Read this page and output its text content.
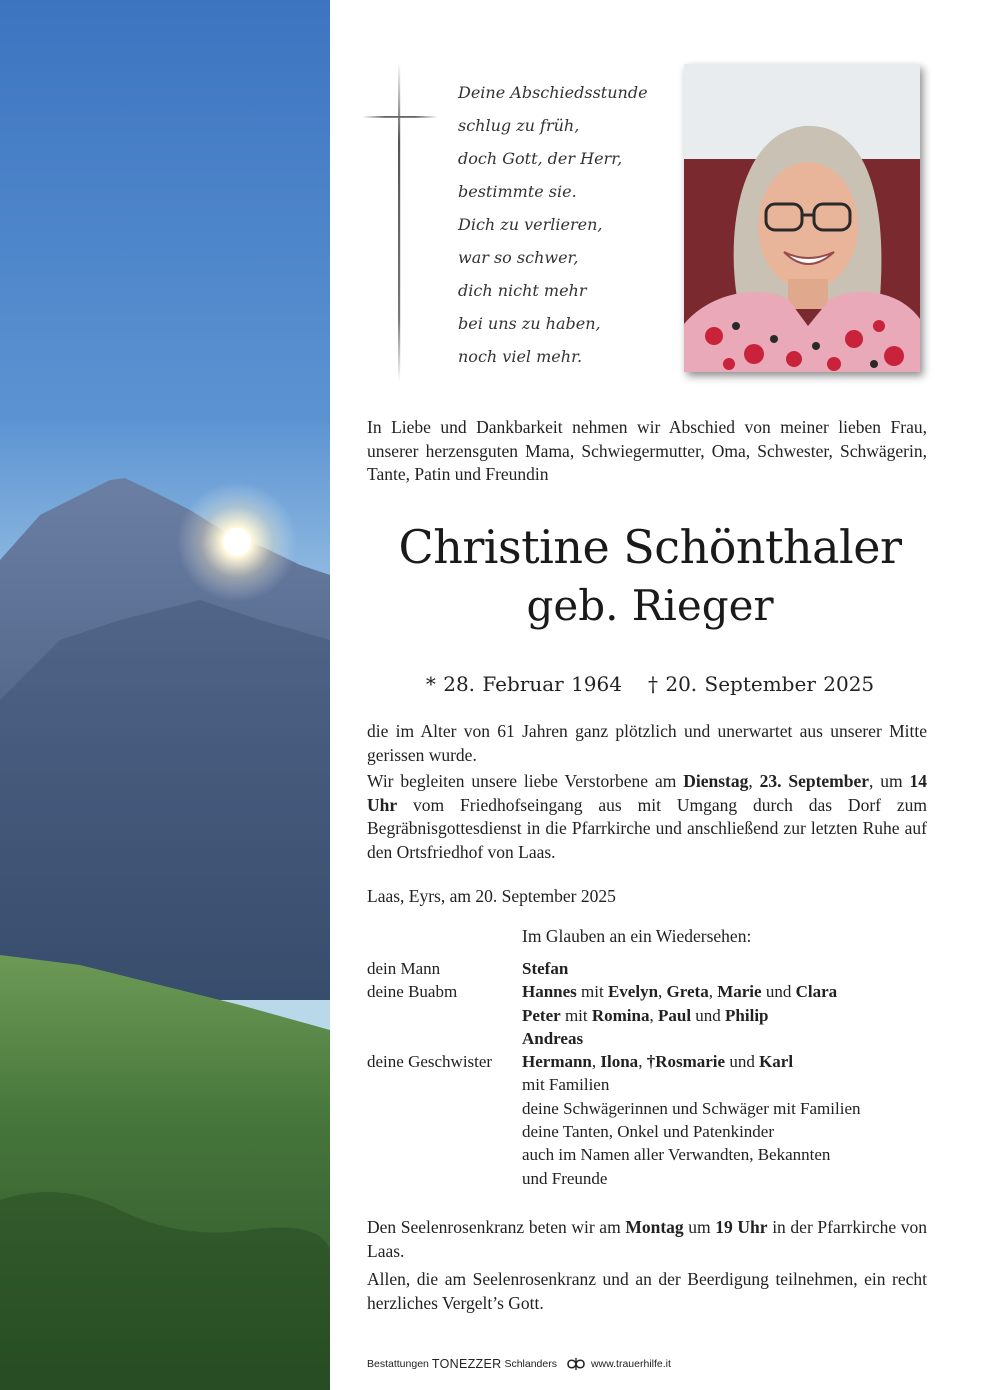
Deine Abschiedsstunde
schlug zu früh,
doch Gott, der Herr,
bestimmte sie.
Dich zu verlieren,
war so schwer,
dich nicht mehr
bei uns zu haben,
noch viel mehr.

In Liebe und Dankbarkeit nehmen wir Abschied von meiner lieben Frau, unserer herzensguten Mama, Schwiegermutter, Oma, Schwester, Schwägerin, Tante, Patin und Freundin

Christine Schönthaler

geb. Rieger

* 28. Februar 1964 † 20. September 2025

die im Alter von 61 Jahren ganz plötzlich und unerwartet aus unserer Mitte gerissen wurde.

Wir begleiten unsere liebe Verstorbene am Dienstag, 23. September, um 14 Uhr vom Friedhofseingang aus mit Umgang durch das Dorf zum Begräbnisgottesdienst in die Pfarrkirche und anschließend zur letzten Ruhe auf den Ortsfriedhof von Laas.

Laas, Eyrs, am 20. September 2025
Im Glauben an ein Wiedersehen:
dein Mann	Stefan
deine Buabm	Hannes mit Evelyn, Greta, Marie und Clara
Peter mit Romina, Paul und Philip
Andreas
deine Geschwister	Hermann, Ilona, †Rosmarie und Karl
mit Familien
deine Schwägerinnen und Schwäger mit Familien
deine Tanten, Onkel und Patenkinder
auch im Namen aller Verwandten, Bekannten
und Freunde

Den Seelenrosenkranz beten wir am Montag um 19 Uhr in der Pfarrkirche von Laas.

Allen, die am Seelenrosenkranz und an der Beerdigung teilnehmen, ein recht herzliches Vergelt’s Gott.

Bestattungen TONEZZER Schlanders	www.trauerhilfe.it
